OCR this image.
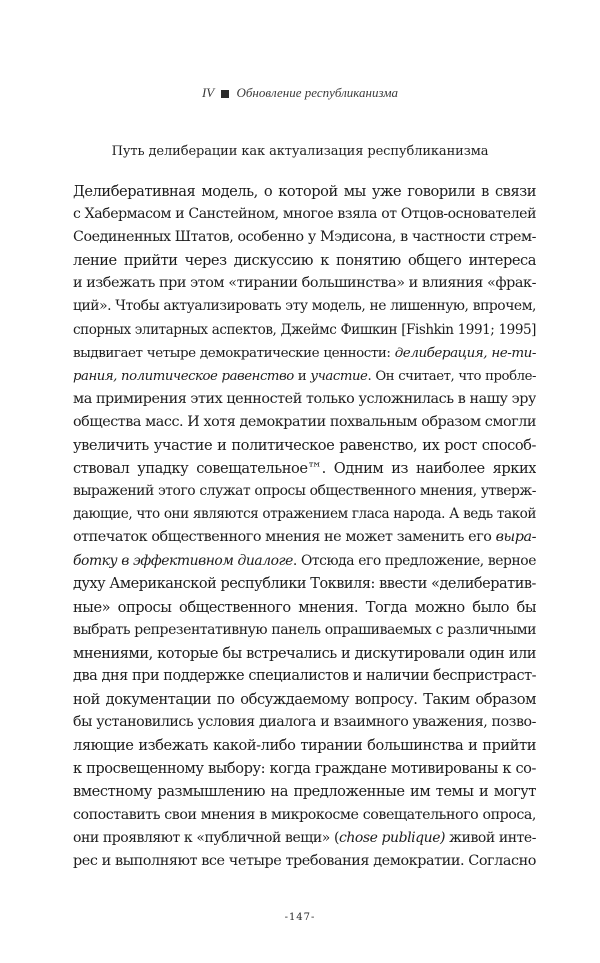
IV Обновление республиканизма
Путь делиберации как актуализация республиканизма
Делиберативная модель, о которой мы уже говорили в связи
с Хабермасом и Санстейном, многое взяла от Отцов-основателей
Соединенных Штатов, особенно у Мэдисона, в частности стрем-
ление прийти через дискуссию к понятию общего интереса
и избежать при этом «тирании большинства» и влияния «фрак-
ций». Чтобы актуализировать эту модель, не лишенную, впрочем,
спорных элитарных аспектов, Джеймс Фишкин [Fishkin 1991; 1995]
выдвигает четыре демократические ценности: делиберация, не-ти-
рания, политическое равенство и участие. Он считает, что пробле-
ма примирения этих ценностей только усложнилась в нашу эру
общества масс. И хотя демократии похвальным образом смогли
увеличить участие и политическое равенство, их рост способ-
ствовал упадку совещательное™. Одним из наиболее ярких
выражений этого служат опросы общественного мнения, утверж-
дающие, что они являются отражением гласа народа. А ведь такой
отпечаток общественного мнения не может заменить его выра-
ботку в эффективном диалоге. Отсюда его предложение, верное
духу Американской республики Токвиля: ввести «делибератив-
ные» опросы общественного мнения. Тогда можно было бы
выбрать репрезентативную панель опрашиваемых с различными
мнениями, которые бы встречались и дискутировали один или
два дня при поддержке специалистов и наличии беспристраст-
ной документации по обсуждаемому вопросу. Таким образом
бы установились условия диалога и взаимного уважения, позво-
ляющие избежать какой-либо тирании большинства и прийти
к просвещенному выбору: когда граждане мотивированы к со-
вместному размышлению на предложенные им темы и могут
сопоставить свои мнения в микрокосме совещательного опроса,
они проявляют к «публичной вещи» (chose publique) живой инте-
рес и выполняют все четыре требования демократии. Согласно
-147-
